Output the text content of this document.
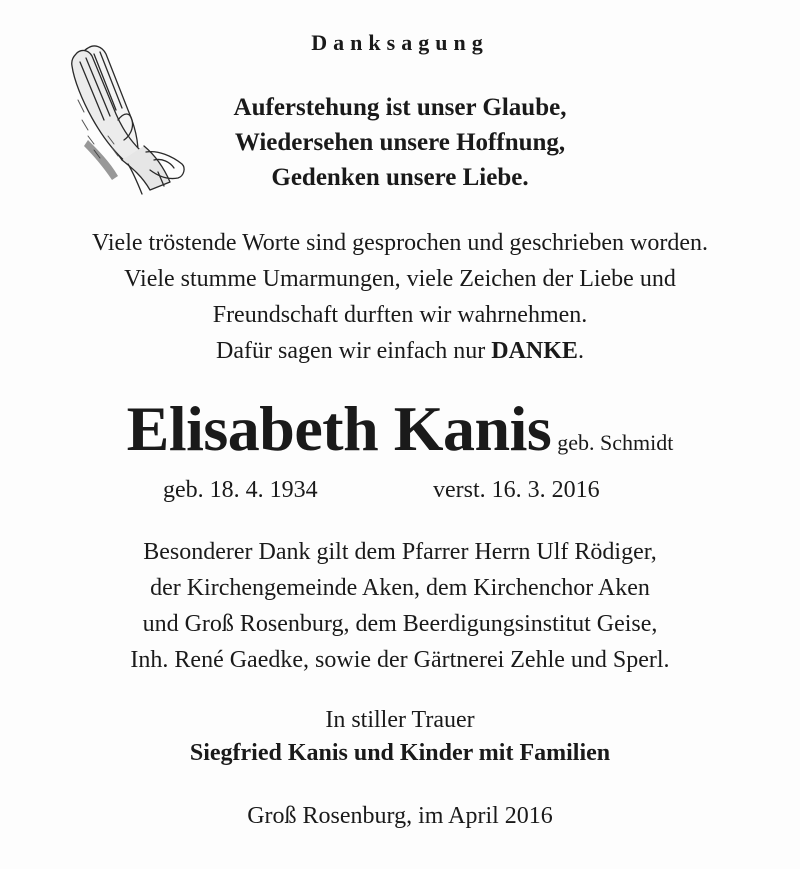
Danksagung
Auferstehung ist unser Glaube,
Wiedersehen unsere Hoffnung,
Gedenken unsere Liebe.
Viele tröstende Worte sind gesprochen und geschrieben worden.
Viele stumme Umarmungen, viele Zeichen der Liebe und
Freundschaft durften wir wahrnehmen.
Dafür sagen wir einfach nur DANKE.
Elisabeth Kanis geb. Schmidt
geb. 18. 4. 1934	verst. 16. 3. 2016
Besonderer Dank gilt dem Pfarrer Herrn Ulf Rödiger,
der Kirchengemeinde Aken, dem Kirchenchor Aken
und Groß Rosenburg, dem Beerdigungsinstitut Geise,
Inh. René Gaedke, sowie der Gärtnerei Zehle und Sperl.
In stiller Trauer
Siegfried Kanis und Kinder mit Familien
Groß Rosenburg, im April 2016
